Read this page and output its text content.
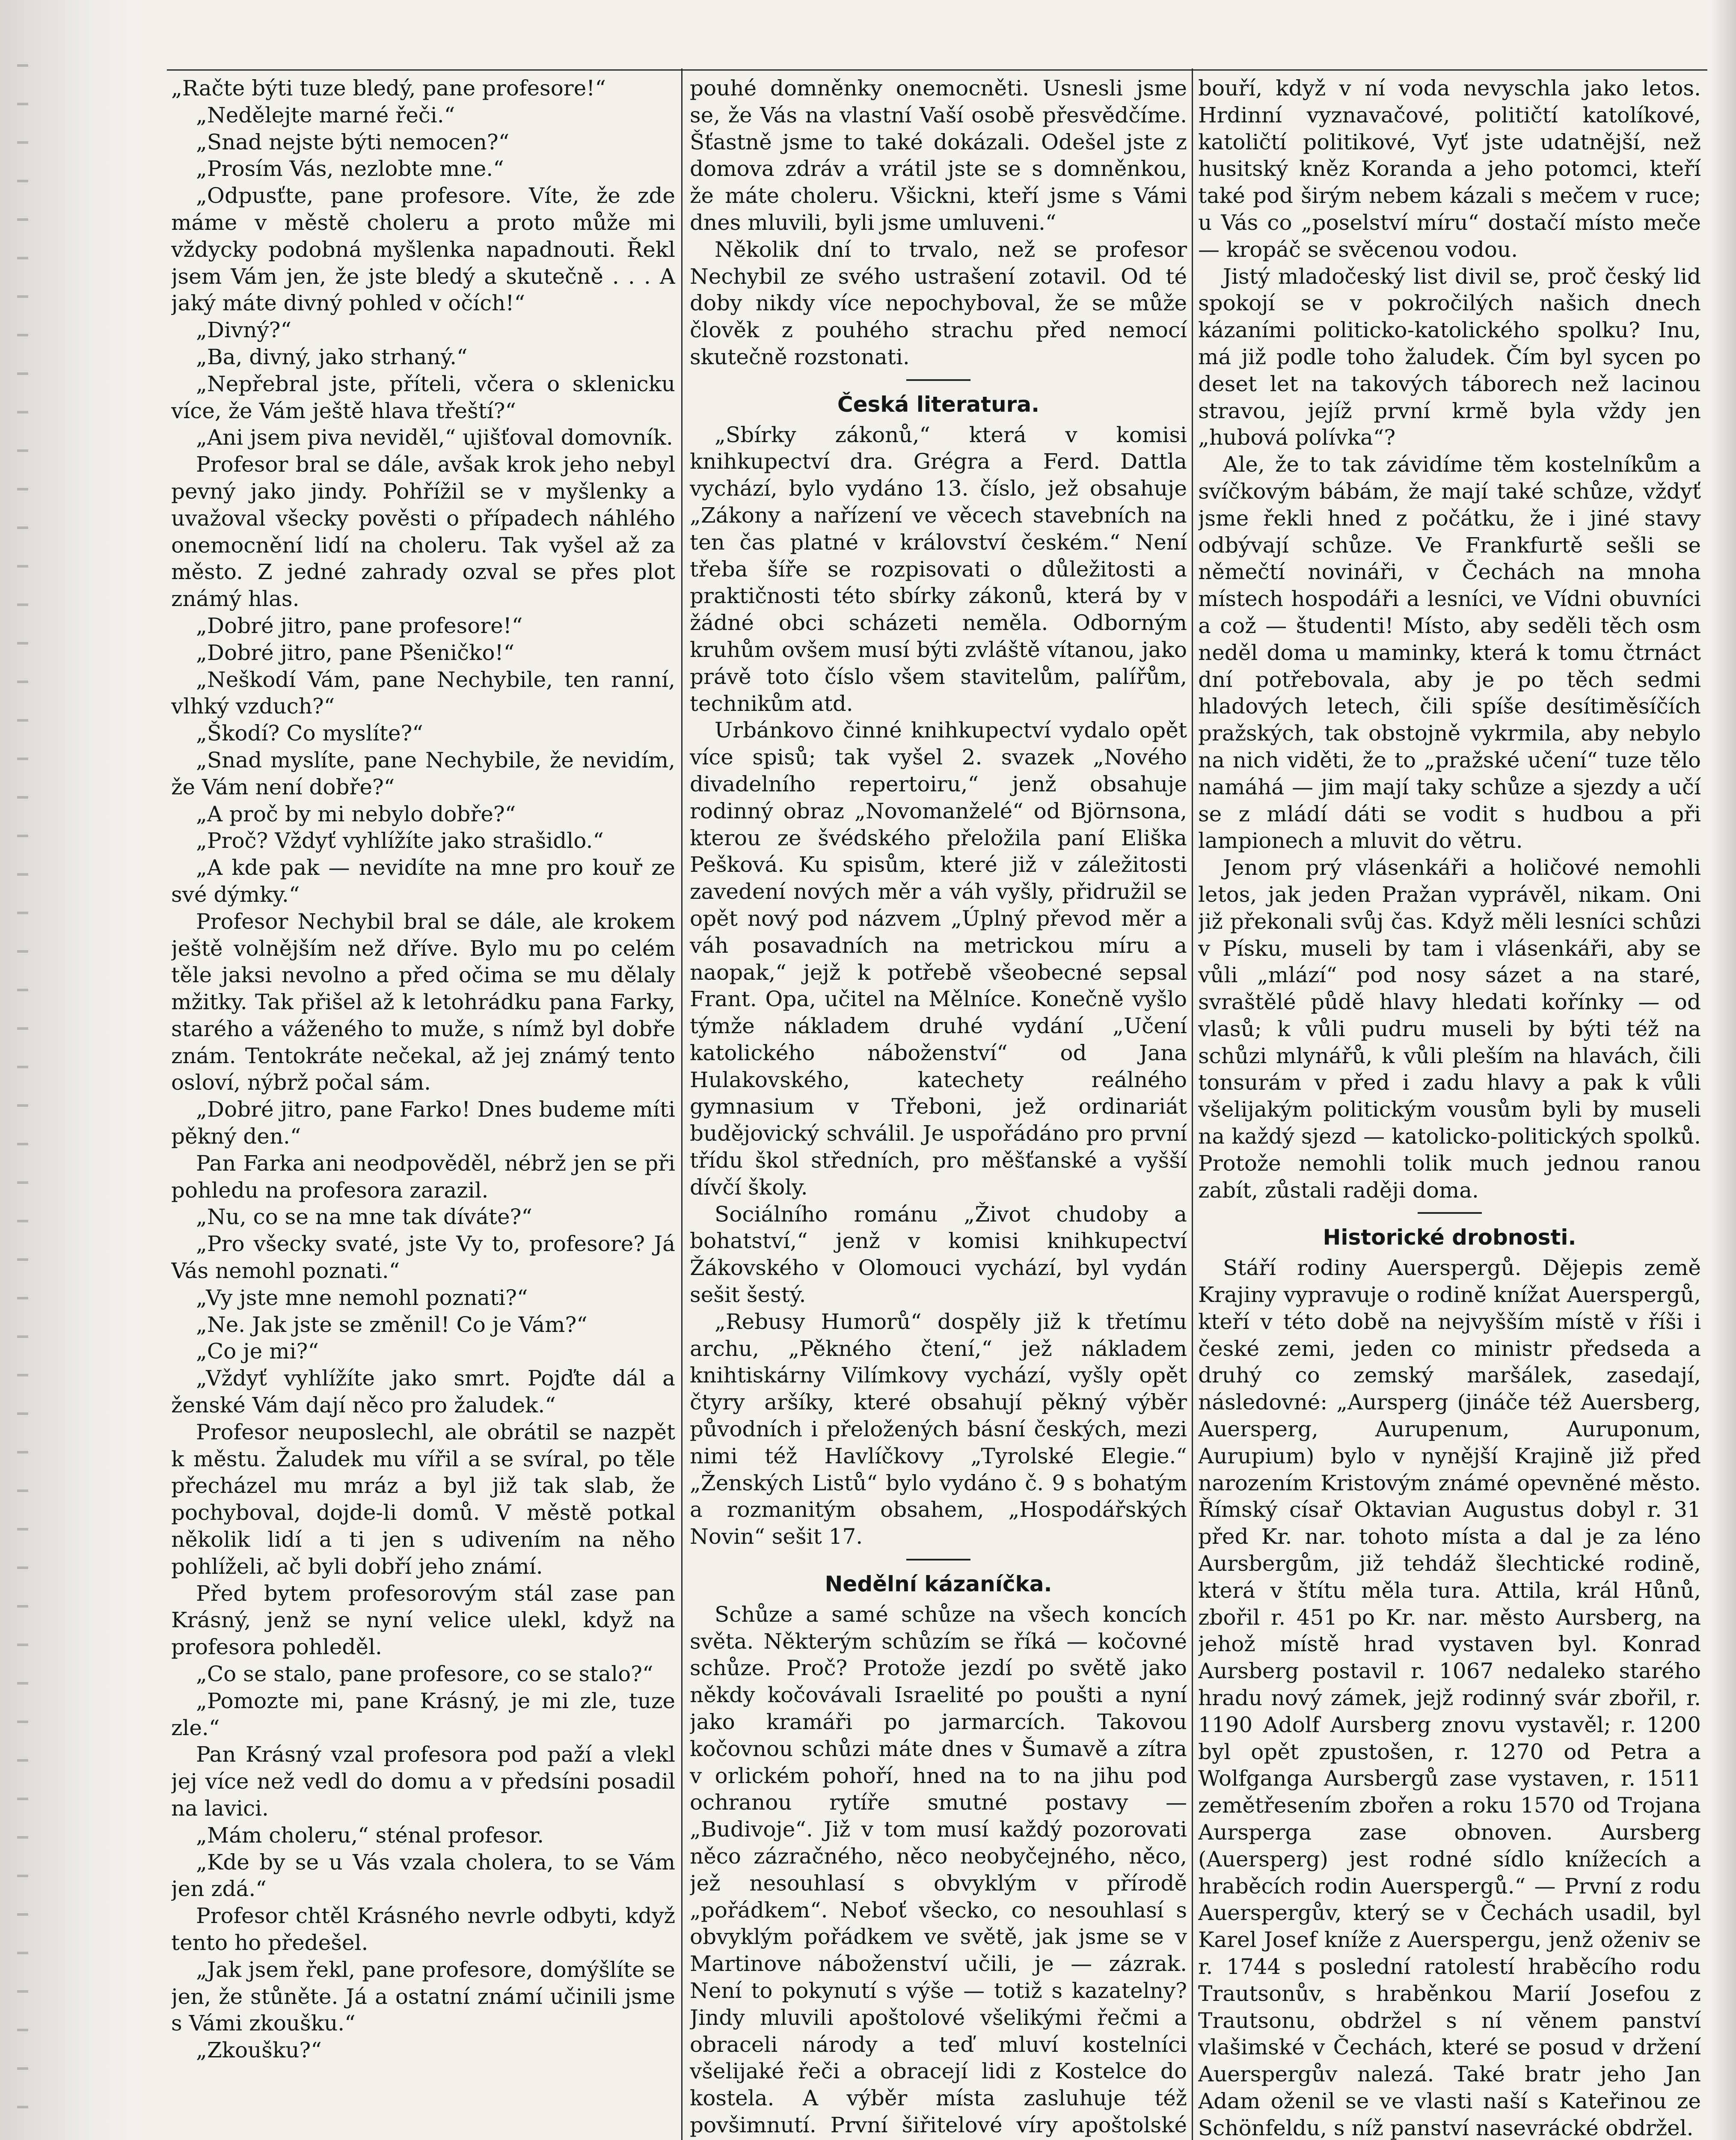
„Račte býti tuze bledý, pane profesore!“

„Nedělejte marné řeči.“

„Snad nejste býti nemocen?“

„Prosím Vás, nezlobte mne.“

„Odpusťte, pane profesore. Víte, že zde máme v městě choleru a proto může mi vždycky podobná myšlenka napadnouti. Řekl jsem Vám jen, že jste bledý a skutečně . . . A jaký máte divný pohled v očích!“

„Divný?“

„Ba, divný, jako strhaný.“

„Nepřebral jste, příteli, včera o sklenicku více, že Vám ještě hlava třeští?“

„Ani jsem piva neviděl,“ ujišťoval domovník.

Profesor bral se dále, avšak krok jeho nebyl pevný jako jindy. Pohřížil se v myšlenky a uvažoval všecky pověsti o případech náhlého onemocnění lidí na choleru. Tak vyšel až za město. Z jedné zahrady ozval se přes plot známý hlas.

„Dobré jitro, pane profesore!“

„Dobré jitro, pane Pšeničko!“

„Neškodí Vám, pane Nechybile, ten ranní, vlhký vzduch?“

„Škodí? Co myslíte?“

„Snad myslíte, pane Nechybile, že nevidím, že Vám není dobře?“

„A proč by mi nebylo dobře?“

„Proč? Vždyť vyhlížíte jako strašidlo.“

„A kde pak — nevidíte na mne pro kouř ze své dýmky.“

Profesor Nechybil bral se dále, ale krokem ještě volnějším než dříve. Bylo mu po celém těle jaksi nevolno a před očima se mu dělaly mžitky. Tak přišel až k letohrádku pana Farky, starého a váženého to muže, s nímž byl dobře znám. Tentokráte nečekal, až jej známý tento osloví, nýbrž počal sám.

„Dobré jitro, pane Farko! Dnes budeme míti pěkný den.“

Pan Farka ani neodpověděl, nébrž jen se při pohledu na profesora zarazil.

„Nu, co se na mne tak díváte?“

„Pro všecky svaté, jste Vy to, profesore? Já Vás nemohl poznati.“

„Vy jste mne nemohl poznati?“

„Ne. Jak jste se změnil! Co je Vám?“

„Co je mi?“

„Vždyť vyhlížíte jako smrt. Pojďte dál a ženské Vám dají něco pro žaludek.“

Profesor neuposlechl, ale obrátil se nazpět k městu. Žaludek mu vířil a se svíral, po těle přecházel mu mráz a byl již tak slab, že pochyboval, dojde-li domů. V městě potkal několik lidí a ti jen s udivením na něho pohlíželi, ač byli dobří jeho známí.

Před bytem profesorovým stál zase pan Krásný, jenž se nyní velice ulekl, když na profesora pohleděl.

„Co se stalo, pane profesore, co se stalo?“

„Pomozte mi, pane Krásný, je mi zle, tuze zle.“

Pan Krásný vzal profesora pod paží a vlekl jej více než vedl do domu a v předsíni posadil na lavici.

„Mám choleru,“ sténal profesor.

„Kde by se u Vás vzala cholera, to se Vám jen zdá.“

Profesor chtěl Krásného nevrle odbyti, když tento ho předešel.

„Jak jsem řekl, pane profesore, domýšlíte se jen, že stůněte. Já a ostatní známí učinili jsme s Vámi zkoušku.“

„Zkoušku?“

pouhé domněnky onemocněti. Usnesli jsme se, že Vás na vlastní Vaší osobě přesvědčíme. Šťastně jsme to také dokázali. Odešel jste z domova zdráv a vrátil jste se s domněnkou, že máte choleru. Všickni, kteří jsme s Vámi dnes mluvili, byli jsme umluveni.“

Několik dní to trvalo, než se profesor Nechybil ze svého ustrašení zotavil. Od té doby nikdy více nepochyboval, že se může člověk z pouhého strachu před nemocí skutečně rozstonati.

Česká literatura.

„Sbírky zákonů,“ která v komisi knihkupectví dra. Grégra a Ferd. Dattla vychází, bylo vydáno 13. číslo, jež obsahuje „Zákony a nařízení ve věcech stavebních na ten čas platné v království českém.“ Není třeba šíře se rozpisovati o důležitosti a praktičnosti této sbírky zákonů, která by v žádné obci scházeti neměla. Odborným kruhům ovšem musí býti zvláště vítanou, jako právě toto číslo všem stavitelům, palířům, technikům atd.

Urbánkovo činné knihkupectví vydalo opět více spisů; tak vyšel 2. svazek „Nového divadelního repertoiru,“ jenž obsahuje rodinný obraz „Novomanželé“ od Björnsona, kterou ze švédského přeložila paní Eliška Pešková. Ku spisům, které již v záležitosti zavedení nových měr a váh vyšly, přidružil se opět nový pod názvem „Úplný převod měr a váh posavadních na metrickou míru a naopak,“ jejž k potřebě všeobecné sepsal Frant. Opa, učitel na Mělníce. Konečně vyšlo týmže nákladem druhé vydání „Učení katolického náboženství“ od Jana Hulakovského, katechety reálného gymnasium v Třeboni, jež ordinariát budějovický schválil. Je uspořádáno pro první třídu škol středních, pro měšťanské a vyšší dívčí školy.

Sociálního románu „Život chudoby a bohatství,“ jenž v komisi knihkupectví Žákovského v Olomouci vychází, byl vydán sešit šestý.

„Rebusy Humorů“ dospěly již k třetímu archu, „Pěkného čtení,“ jež nákladem knihtiskárny Vilímkovy vychází, vyšly opět čtyry aršíky, které obsahují pěkný výběr původních i přeložených básní českých, mezi nimi též Havlíčkovy „Tyrolské Elegie.“ „Ženských Listů“ bylo vydáno č. 9 s bohatým a rozmanitým obsahem, „Hospodářských Novin“ sešit 17.

Nedělní kázaníčka.

Schůze a samé schůze na všech koncích světa. Některým schůzím se říká — kočovné schůze. Proč? Protože jezdí po světě jako někdy kočovávali Israelité po poušti a nyní jako kramáři po jarmarcích. Takovou kočovnou schůzi máte dnes v Šumavě a zítra v orlickém pohoří, hned na to na jihu pod ochranou rytíře smutné postavy — „Budivoje“. Již v tom musí každý pozorovati něco zázračného, něco neobyčejného, něco, jež nesouhlasí s obvyklým v přírodě „pořádkem“. Neboť všecko, co nesouhlasí s obvyklým pořádkem ve světě, jak jsme se v Martinove náboženství učili, je — zázrak. Není to pokynutí s výše — totiž s kazatelny? Jindy mluvili apoštolové všelikými řečmi a obraceli národy a teď mluví kostelníci všelijaké řeči a obracejí lidi z Kostelce do kostela. A výběr místa zasluhuje též povšimnutí. První šiřitelové víry apoštolské

bouří, když v ní voda nevyschla jako letos. Hrdinní vyznavačové, političtí katolíkové, katoličtí politikové, Vyť jste udatnější, než husitský kněz Koranda a jeho potomci, kteří také pod širým nebem kázali s mečem v ruce; u Vás co „poselství míru“ dostačí místo meče — kropáč se svěcenou vodou.

Jistý mladočeský list divil se, proč český lid spokojí se v pokročilých našich dnech kázaními politicko-katolického spolku? Inu, má již podle toho žaludek. Čím byl sycen po deset let na takových táborech než lacinou stravou, jejíž první krmě byla vždy jen „hubová polívka“?

Ale, že to tak závidíme těm kostelníkům a svíčkovým bábám, že mají také schůze, vždyť jsme řekli hned z počátku, že i jiné stavy odbývají schůze. Ve Frankfurtě sešli se němečtí novináři, v Čechách na mnoha místech hospodáři a lesníci, ve Vídni obuvníci a což — študenti! Místo, aby seděli těch osm neděl doma u maminky, která k tomu čtrnáct dní potřebovala, aby je po těch sedmi hladových letech, čili spíše desítiměsíčích pražských, tak obstojně vykrmila, aby nebylo na nich viděti, že to „pražské učení“ tuze tělo namáhá — jim mají taky schůze a sjezdy a učí se z mládí dáti se vodit s hudbou a při lampionech a mluvit do větru.

Jenom prý vlásenkáři a holičové nemohli letos, jak jeden Pražan vyprávěl, nikam. Oni již překonali svůj čas. Když měli lesníci schůzi v Písku, museli by tam i vlásenkáři, aby se vůli „mlází“ pod nosy sázet a na staré, svraštělé půdě hlavy hledati kořínky — od vlasů; k vůli pudru museli by býti též na schůzi mlynářů, k vůli pleším na hlavách, čili tonsurám v před i zadu hlavy a pak k vůli všelijakým politickým vousům byli by museli na každý sjezd — katolicko-politických spolků. Protože nemohli tolik much jednou ranou zabít, zůstali raději doma.

Historické drobnosti.

Stáří rodiny Auerspergů. Dějepis země Krajiny vypravuje o rodině knížat Auerspergů, kteří v této době na nejvyšším místě v říši i české zemi, jeden co ministr předseda a druhý co zemský maršálek, zasedají, následovné: „Aursperg (jináče též Auersberg, Auersperg, Aurupenum, Auruponum, Aurupium) bylo v nynější Krajině již před narozením Kristovým známé opevněné město. Římský císař Oktavian Augustus dobyl r. 31 před Kr. nar. tohoto místa a dal je za léno Aursbergům, již tehdáž šlechtické rodině, která v štítu měla tura. Attila, král Hůnů, zbořil r. 451 po Kr. nar. město Aursberg, na jehož místě hrad vystaven byl. Konrad Aursberg postavil r. 1067 nedaleko starého hradu nový zámek, jejž rodinný svár zbořil, r. 1190 Adolf Aursberg znovu vystavěl; r. 1200 byl opět zpustošen, r. 1270 od Petra a Wolfganga Aursbergů zase vystaven, r. 1511 zemětřesením zbořen a roku 1570 od Trojana Aursperga zase obnoven. Aursberg (Auersperg) jest rodné sídlo knížecích a hraběcích rodin Auerspergů.“ — První z rodu Auerspergův, který se v Čechách usadil, byl Karel Josef kníže z Auerspergu, jenž oženiv se r. 1744 s poslední ratolestí hraběcího rodu Trautsonův, s hraběnkou Marií Josefou z Trautsonu, obdržel s ní věnem panství vlašimské v Čechách, které se posud v držení Auerspergův nalezá. Také bratr jeho Jan Adam oženil se ve vlasti naší s Kateřinou ze Schönfeldu, s níž panství nasevrácké obdržel.
